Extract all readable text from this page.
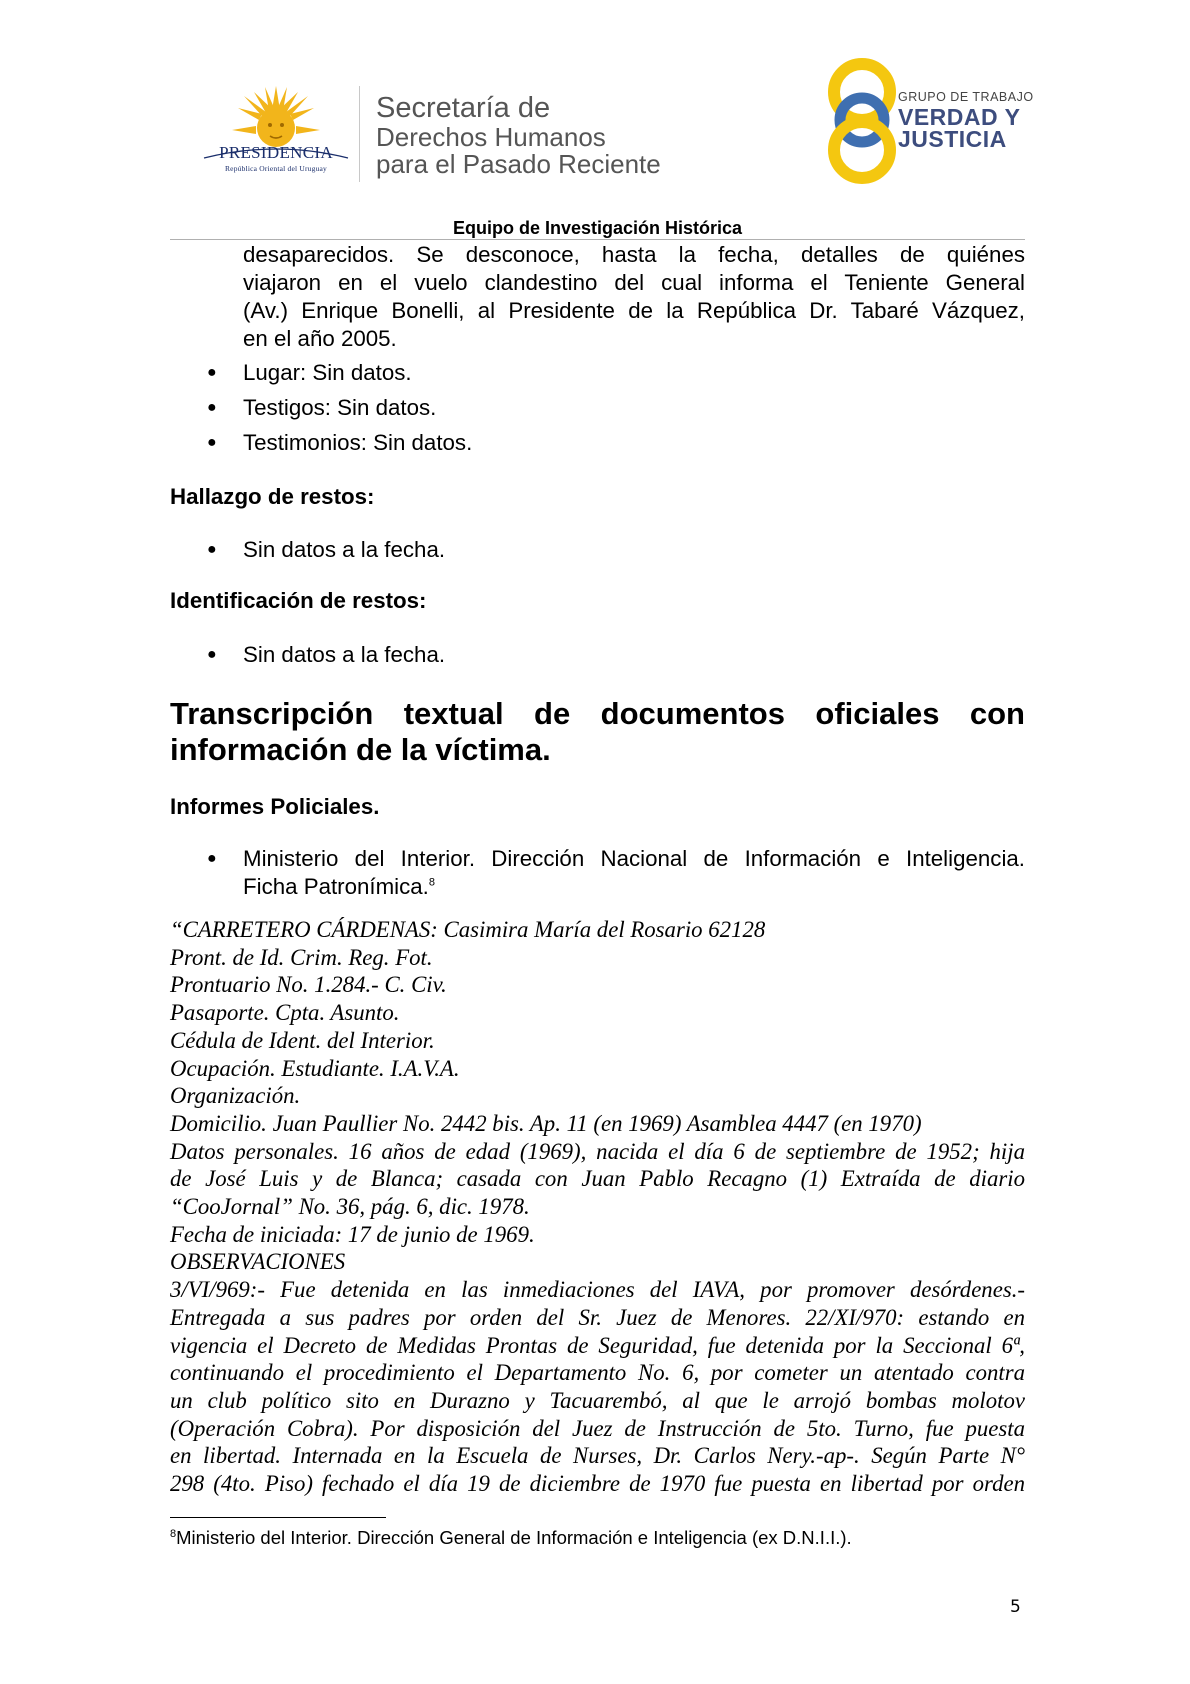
PRESIDENCIA
República Oriental del Uruguay
Secretaría de
Derechos Humanos
para el Pasado Reciente
GRUPO DE TRABAJO
VERDAD Y
JUSTICIA
Equipo de Investigación Histórica
desaparecidos. Se desconoce, hasta la fecha, detalles de quiénes
viajaron en el vuelo clandestino del cual informa el Teniente General
(Av.) Enrique Bonelli, al Presidente de la República Dr. Tabaré Vázquez,
en el año 2005.
● Lugar: Sin datos.
● Testigos: Sin datos.
● Testimonios: Sin datos.
Hallazgo de restos:
● Sin datos a la fecha.
Identificación de restos:
● Sin datos a la fecha.
Transcripción textual de documentos oficiales con
información de la víctima.
Informes Policiales.
● Ministerio del Interior. Dirección Nacional de Información e Inteligencia.
Ficha Patronímica.$^8$
“CARRETERO CÁRDENAS: Casimira María del Rosario 62128
Pront. de Id. Crim. Reg. Fot.
Prontuario No. 1.284.- C. Civ.
Pasaporte. Cpta. Asunto.
Cédula de Ident. del Interior.
Ocupación. Estudiante. I.A.V.A.
Organización.
Domicilio. Juan Paullier No. 2442 bis. Ap. 11 (en 1969) Asamblea 4447 (en 1970)
Datos personales. 16 años de edad (1969), nacida el día 6 de septiembre de 1952; hija
de José Luis y de Blanca; casada con Juan Pablo Recagno (1) Extraída de diario
“CooJornal” No. 36, pág. 6, dic. 1978.
Fecha de iniciada: 17 de junio de 1969.
OBSERVACIONES
3/VI/969:- Fue detenida en las inmediaciones del IAVA, por promover desórdenes.-
Entregada a sus padres por orden del Sr. Juez de Menores. 22/XI/970: estando en
vigencia el Decreto de Medidas Prontas de Seguridad, fue detenida por la Seccional 6ª,
continuando el procedimiento el Departamento No. 6, por cometer un atentado contra
un club político sito en Durazno y Tacuarembó, al que le arrojó bombas molotov
(Operación Cobra). Por disposición del Juez de Instrucción de 5to. Turno, fue puesta
en libertad. Internada en la Escuela de Nurses, Dr. Carlos Nery.-ap-. Según Parte N°
298 (4to. Piso) fechado el día 19 de diciembre de 1970 fue puesta en libertad por orden
$^8$Ministerio del Interior. Dirección General de Información e Inteligencia (ex D.N.I.I.).
5
